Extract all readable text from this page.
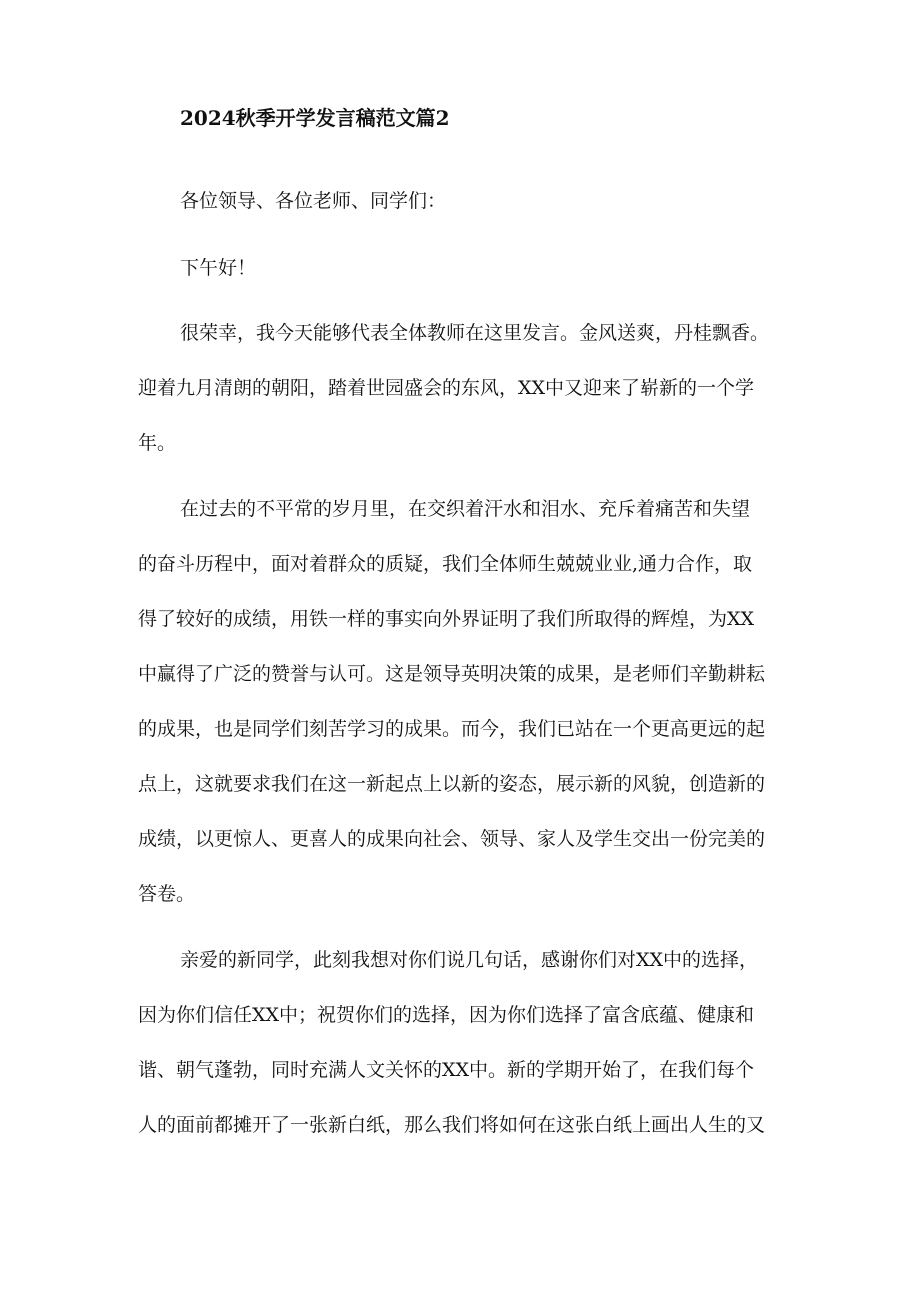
2024秋季开学发言稿范文篇2

各位领导、各位老师、同学们：

下午好！

很荣幸，我今天能够代表全体教师在这里发言。金风送爽，丹桂飘香。

迎着九月清朗的朝阳，踏着世园盛会的东风，XX中又迎来了崭新的一个学

年。

在过去的不平常的岁月里，在交织着汗水和泪水、充斥着痛苦和失望

的奋斗历程中，面对着群众的质疑，我们全体师生兢兢业业,通力合作，取

得了较好的成绩，用铁一样的事实向外界证明了我们所取得的辉煌，为XX

中赢得了广泛的赞誉与认可。这是领导英明决策的成果，是老师们辛勤耕耘

的成果，也是同学们刻苦学习的成果。而今，我们已站在一个更高更远的起

点上，这就要求我们在这一新起点上以新的姿态，展示新的风貌，创造新的

成绩，以更惊人、更喜人的成果向社会、领导、家人及学生交出一份完美的

答卷。

亲爱的新同学，此刻我想对你们说几句话，感谢你们对XX中的选择，

因为你们信任XX中；祝贺你们的选择，因为你们选择了富含底蕴、健康和

谐、朝气蓬勃，同时充满人文关怀的XX中。新的学期开始了，在我们每个

人的面前都摊开了一张新白纸，那么我们将如何在这张白纸上画出人生的又
